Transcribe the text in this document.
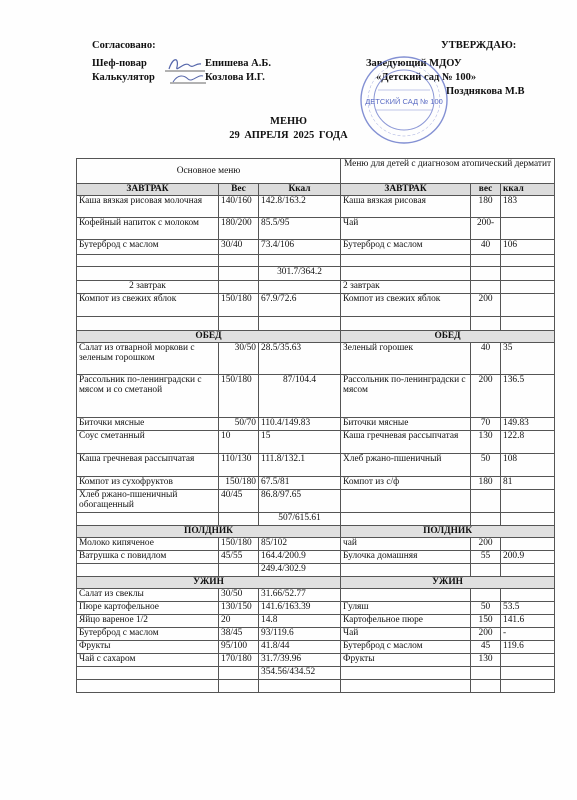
Согласовано:
Шеф-повар	Епишева А.Б.
Калькулятор	Козлова И.Г.
УТВЕРЖДАЮ:
Заведующий МДОУ
«Детский сад № 100»
Позднякова М.В
ДЕТСКИЙ САД № 100
МЕНЮ
29 АПРЕЛЯ 2025 ГОДА
Основное меню			Меню для детей с диагнозом атопический дерматит		
ЗАВТРАК	Вес	Ккал	ЗАВТРАК	вес	ккал
Каша вязкая рисовая молочная	140/160	142.8/163.2	Каша вязкая рисовая	180	183
Кофейный напиток с молоком	180/200	85.5/95	Чай	200-	
Бутерброд с маслом	30/40	73.4/106	Бутерброд с маслом	40	106

		301.7/364.2			
2 завтрак			2 завтрак		
Компот из свежих яблок	150/180	67.9/72.6	Компот из свежих яблок	200	

ОБЕД			ОБЕД		
Салат из отварной моркови с зеленым горошком	30/50	28.5/35.63	Зеленый горошек	40	35
Рассольник по-ленинградски с мясом и со сметаной	150/180	87/104.4	Рассольник по-ленинградски с мясом	200	136.5
Биточки мясные	50/70	110.4/149.83	Биточки мясные	70	149.83
Соус сметанный	10	15	Каша гречневая рассыпчатая	130	122.8
Каша гречневая рассыпчатая	110/130	111.8/132.1	Хлеб ржано-пшеничный	50	108
Компот из сухофруктов	150/180	67.5/81	Компот из с/ф	180	81
Хлеб ржано-пшеничный обогащенный	40/45	86.8/97.65			
		507/615.61			
ПОЛДНИК			ПОЛДНИК		
Молоко кипяченое	150/180	85/102	чай	200	
Ватрушка с повидлом	45/55	164.4/200.9	Булочка домашняя	55	200.9
		249.4/302.9			
УЖИН			УЖИН		
Салат из свеклы	30/50	31.66/52.77			
Пюре картофельное	130/150	141.6/163.39	Гуляш	50	53.5
Яйцо вареное 1/2	20	14.8	Картофельное пюре	150	141.6
Бутерброд с маслом	38/45	93/119.6	Чай	200	-
Фрукты	95/100	41.8/44	Бутерброд с маслом	45	119.6
Чай с сахаром	170/180	31.7/39.96	Фрукты	130	
		354.56/434.52			
